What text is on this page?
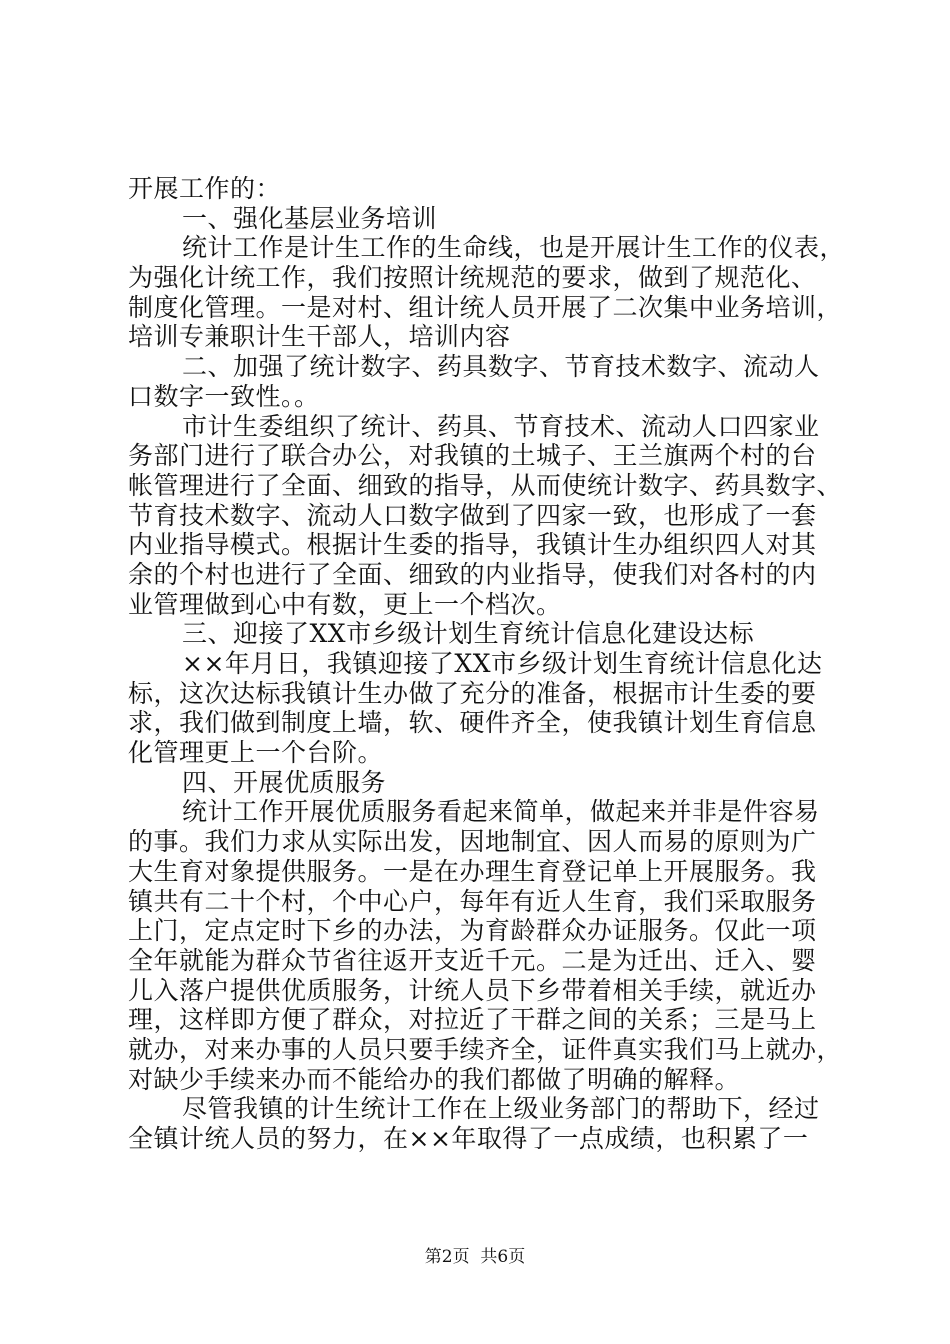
开展工作的：
一、强化基层业务培训
统计工作是计生工作的生命线，也是开展计生工作的仪表，
为强化计统工作，我们按照计统规范的要求，做到了规范化、
制度化管理。一是对村、组计统人员开展了二次集中业务培训，
培训专兼职计生干部人，培训内容
二、加强了统计数字、药具数字、节育技术数字、流动人
口数字一致性。。
市计生委组织了统计、药具、节育技术、流动人口四家业
务部门进行了联合办公，对我镇的土城子、王兰旗两个村的台
帐管理进行了全面、细致的指导，从而使统计数字、药具数字、
节育技术数字、流动人口数字做到了四家一致，也形成了一套
内业指导模式。根据计生委的指导，我镇计生办组织四人对其
余的个村也进行了全面、细致的内业指导，使我们对各村的内
业管理做到心中有数，更上一个档次。
三、迎接了XX市乡级计划生育统计信息化建设达标
××年月日，我镇迎接了XX市乡级计划生育统计信息化达
标，这次达标我镇计生办做了充分的准备，根据市计生委的要
求，我们做到制度上墙，软、硬件齐全，使我镇计划生育信息
化管理更上一个台阶。
四、开展优质服务
统计工作开展优质服务看起来简单，做起来并非是件容易
的事。我们力求从实际出发，因地制宜、因人而易的原则为广
大生育对象提供服务。一是在办理生育登记单上开展服务。我
镇共有二十个村，个中心户，每年有近人生育，我们采取服务
上门，定点定时下乡的办法，为育龄群众办证服务。仅此一项
全年就能为群众节省往返开支近千元。二是为迁出、迁入、婴
儿入落户提供优质服务，计统人员下乡带着相关手续，就近办
理，这样即方便了群众，对拉近了干群之间的关系；三是马上
就办，对来办事的人员只要手续齐全，证件真实我们马上就办，
对缺少手续来办而不能给办的我们都做了明确的解释。
尽管我镇的计生统计工作在上级业务部门的帮助下，经过
全镇计统人员的努力，在××年取得了一点成绩，也积累了一
第2页 共6页
